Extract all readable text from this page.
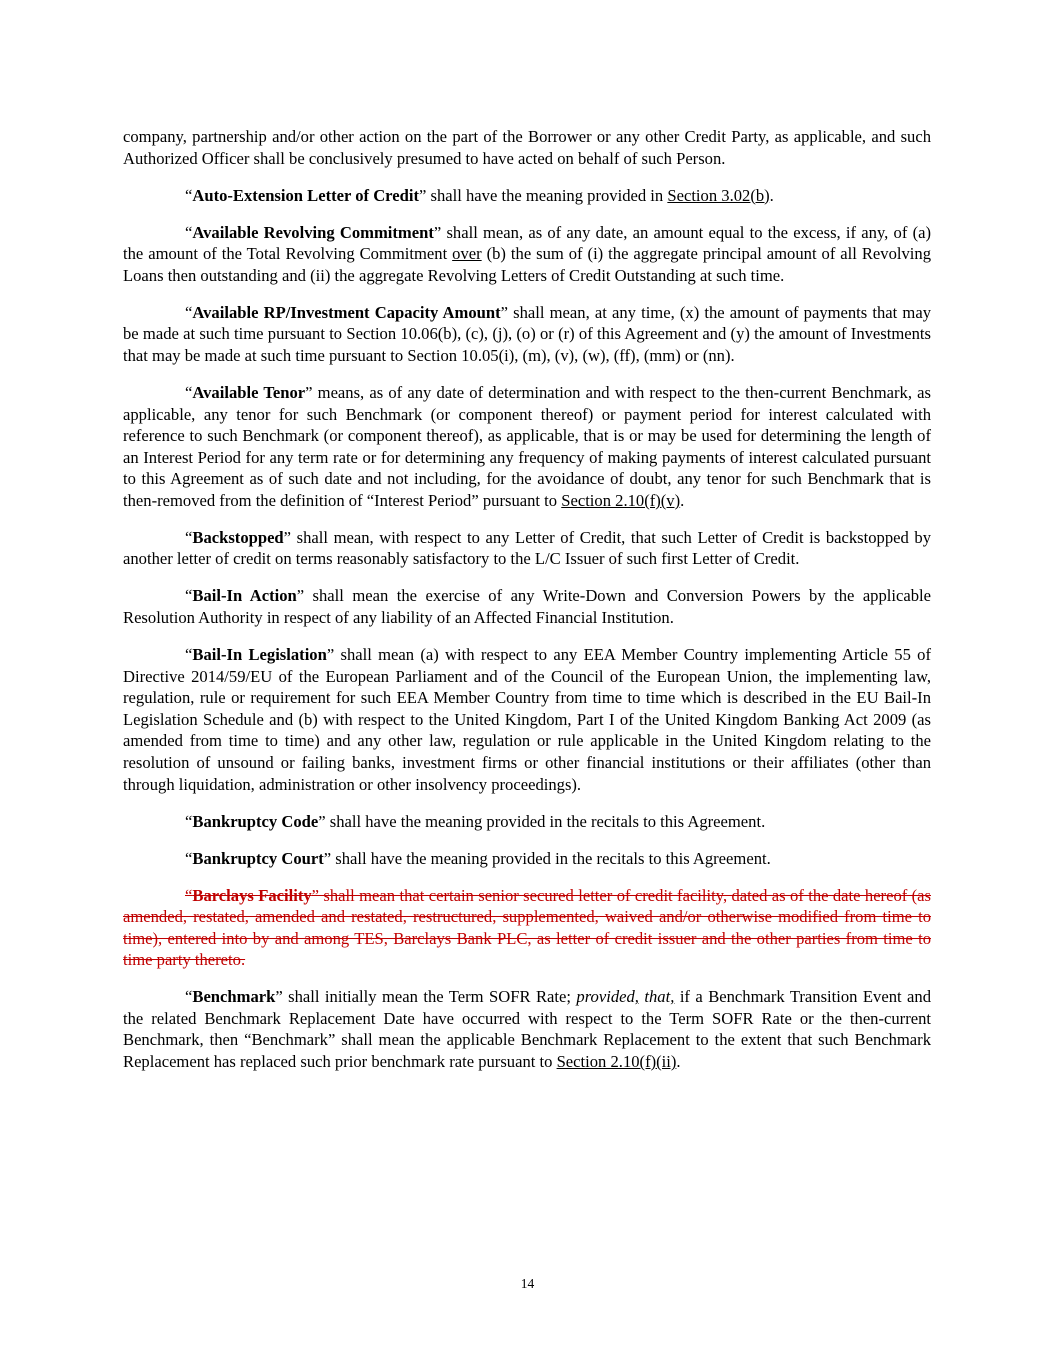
company, partnership and/or other action on the part of the Borrower or any other Credit Party, as applicable, and such Authorized Officer shall be conclusively presumed to have acted on behalf of such Person.

“Auto-Extension Letter of Credit” shall have the meaning provided in Section 3.02(b).

“Available Revolving Commitment” shall mean, as of any date, an amount equal to the excess, if any, of (a) the amount of the Total Revolving Commitment over (b) the sum of (i) the aggregate principal amount of all Revolving Loans then outstanding and (ii) the aggregate Revolving Letters of Credit Outstanding at such time.

“Available RP/Investment Capacity Amount” shall mean, at any time, (x) the amount of payments that may be made at such time pursuant to Section 10.06(b), (c), (j), (o) or (r) of this Agreement and (y) the amount of Investments that may be made at such time pursuant to Section 10.05(i), (m), (v), (w), (ff), (mm) or (nn).

“Available Tenor” means, as of any date of determination and with respect to the then-current Benchmark, as applicable, any tenor for such Benchmark (or component thereof) or payment period for interest calculated with reference to such Benchmark (or component thereof), as applicable, that is or may be used for determining the length of an Interest Period for any term rate or for determining any frequency of making payments of interest calculated pursuant to this Agreement as of such date and not including, for the avoidance of doubt, any tenor for such Benchmark that is then-removed from the definition of “Interest Period” pursuant to Section 2.10(f)(v).

“Backstopped” shall mean, with respect to any Letter of Credit, that such Letter of Credit is backstopped by another letter of credit on terms reasonably satisfactory to the L/C Issuer of such first Letter of Credit.

“Bail-In Action” shall mean the exercise of any Write-Down and Conversion Powers by the applicable Resolution Authority in respect of any liability of an Affected Financial Institution.

“Bail-In Legislation” shall mean (a) with respect to any EEA Member Country implementing Article 55 of Directive 2014/59/EU of the European Parliament and of the Council of the European Union, the implementing law, regulation, rule or requirement for such EEA Member Country from time to time which is described in the EU Bail-In Legislation Schedule and (b) with respect to the United Kingdom, Part I of the United Kingdom Banking Act 2009 (as amended from time to time) and any other law, regulation or rule applicable in the United Kingdom relating to the resolution of unsound or failing banks, investment firms or other financial institutions or their affiliates (other than through liquidation, administration or other insolvency proceedings).

“Bankruptcy Code” shall have the meaning provided in the recitals to this Agreement.

“Bankruptcy Court” shall have the meaning provided in the recitals to this Agreement.

“Barclays Facility” shall mean that certain senior secured letter of credit facility, dated as of the date hereof (as amended, restated, amended and restated, restructured, supplemented, waived and/or otherwise modified from time to time), entered into by and among TES, Barclays Bank PLC, as letter of credit issuer and the other parties from time to time party thereto.

“Benchmark” shall initially mean the Term SOFR Rate; provided, that, if a Benchmark Transition Event and the related Benchmark Replacement Date have occurred with respect to the Term SOFR Rate or the then-current Benchmark, then “Benchmark” shall mean the applicable Benchmark Replacement to the extent that such Benchmark Replacement has replaced such prior benchmark rate pursuant to Section 2.10(f)(ii).

14
